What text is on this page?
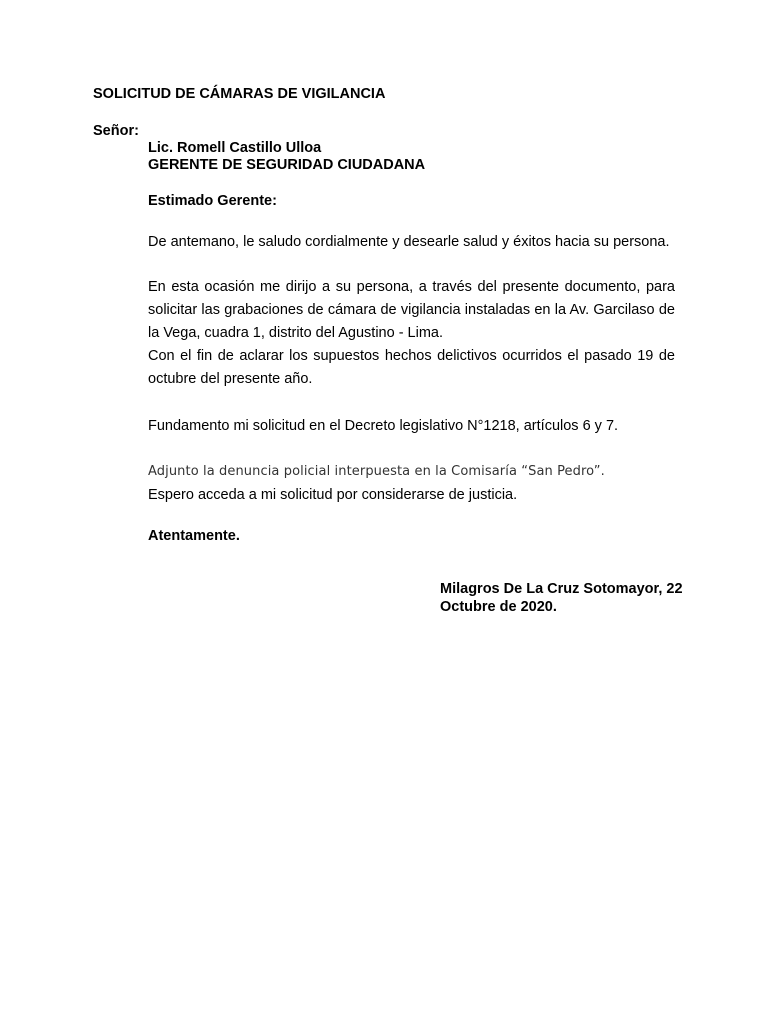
SOLICITUD DE CÁMARAS DE VIGILANCIA

Señor:

Lic. Romell Castillo Ulloa

GERENTE DE SEGURIDAD CIUDADANA

Estimado Gerente:

De antemano, le saludo cordialmente y desearle salud y éxitos hacia su persona.

En esta ocasión me dirijo a su persona, a través del presente documento, para solicitar las grabaciones de cámara de vigilancia instaladas en la Av. Garcilaso de la Vega, cuadra 1, distrito del Agustino - Lima.

Con el fin de aclarar los supuestos hechos delictivos ocurridos el pasado 19 de octubre del presente año.

Fundamento mi solicitud en el Decreto legislativo N°1218, artículos 6 y 7.

Adjunto la denuncia policial interpuesta en la Comisaría “San Pedro”.

Espero acceda a mi solicitud por considerarse de justicia.

Atentamente.

Milagros De La Cruz Sotomayor, 22

Octubre de 2020.
